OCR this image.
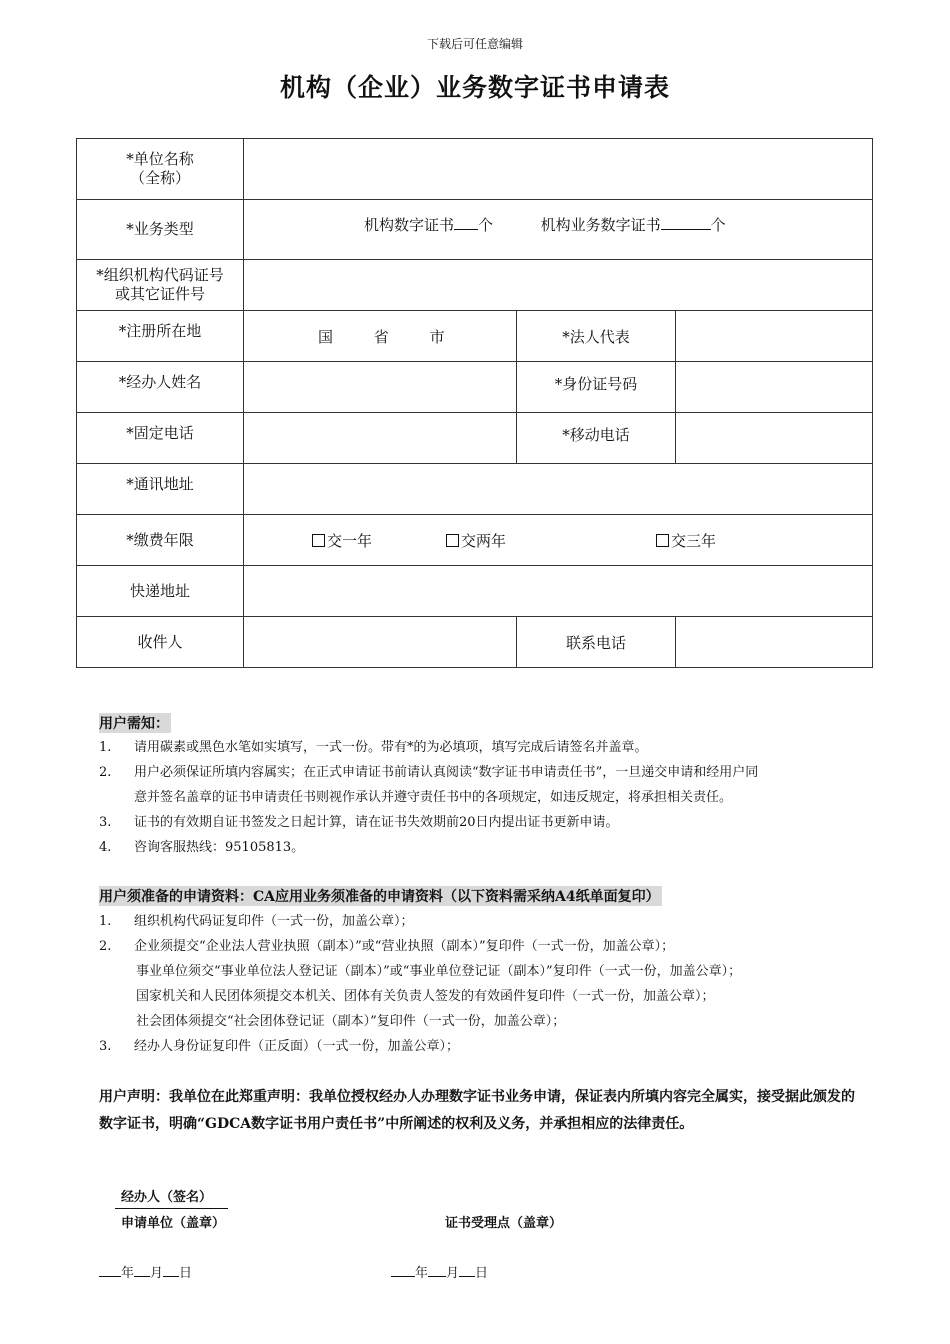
下载后可任意编辑
机构（企业）业务数字证书申请表
*单位名称
（全称）			

*业务类型	机构数字证书 个 机构业务数字证书 个		

*组织机构代码证号
或其它证件号			

*注册所在地	国 省 市	*法人代表	
*经办人姓名		*身份证号码	
*固定电话		*移动电话	
*通讯地址			
*缴费年限	交一年 交两年 交三年		

快递地址			
收件人		联系电话	
用户需知：
1. 请用碳素或黑色水笔如实填写，一式一份。带有*的为必填项，填写完成后请签名并盖章。
2. 用户必须保证所填内容属实；在正式申请证书前请认真阅读“数字证书申请责任书”，一旦递交申请和经用户同
意并签名盖章的证书申请责任书则视作承认并遵守责任书中的各项规定，如违反规定，将承担相关责任。
3. 证书的有效期自证书签发之日起计算，请在证书失效期前20日内提出证书更新申请。
4. 咨询客服热线：95105813。
用户须准备的申请资料：CA应用业务须准备的申请资料（以下资料需采纳A4纸单面复印）
1. 组织机构代码证复印件（一式一份，加盖公章）；
2. 企业须提交“企业法人营业执照（副本）”或“营业执照（副本）”复印件（一式一份，加盖公章）；
事业单位须交“事业单位法人登记证（副本）”或“事业单位登记证（副本）”复印件（一式一份，加盖公章）；
国家机关和人民团体须提交本机关、团体有关负责人签发的有效函件复印件（一式一份，加盖公章）；
社会团体须提交“社会团体登记证（副本）”复印件（一式一份，加盖公章）；
3. 经办人身份证复印件（正反面）（一式一份，加盖公章）；
用户声明：我单位在此郑重声明：我单位授权经办人办理数字证书业务申请，保证表内所填内容完全属实，接受据此颁发的数字证书，明确“GDCA数字证书用户责任书”中所阐述的权利及义务，并承担相应的法律责任。
经办人（签名）
申请单位（盖章）	证书受理点（盖章）
年 月 日	年 月 日
